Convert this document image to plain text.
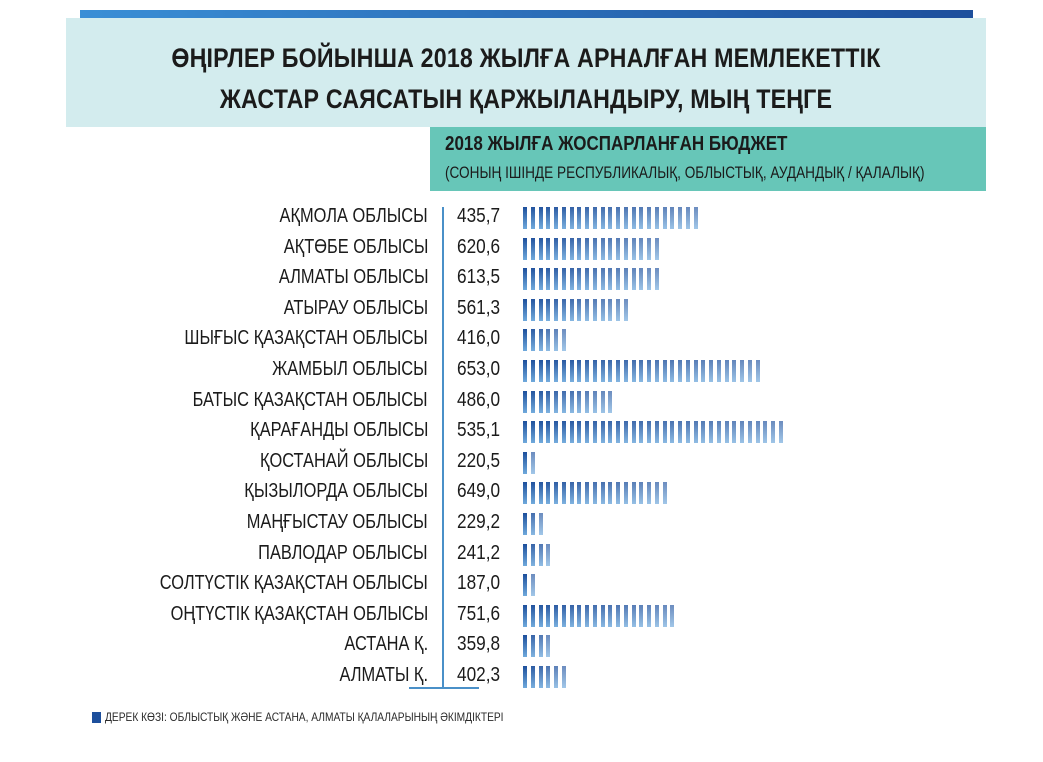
ӨҢІРЛЕР БОЙЫНША 2018 ЖЫЛҒА АРНАЛҒАН МЕМЛЕКЕТТІК
ЖАСТАР САЯСАТЫН ҚАРЖЫЛАНДЫРУ, МЫҢ ТЕҢГЕ
2018 ЖЫЛҒА ЖОСПАРЛАНҒАН БЮДЖЕТ
(СОНЫҢ ІШІНДЕ РЕСПУБЛИКАЛЫҚ, ОБЛЫСТЫҚ, АУДАНДЫҚ / ҚАЛАЛЫҚ)
АҚМОЛА ОБЛЫСЫ 435,7
АҚТӨБЕ ОБЛЫСЫ 620,6
АЛМАТЫ ОБЛЫСЫ 613,5
АТЫРАУ ОБЛЫСЫ 561,3
ШЫҒЫС ҚАЗАҚСТАН ОБЛЫСЫ 416,0
ЖАМБЫЛ ОБЛЫСЫ 653,0
БАТЫС ҚАЗАҚСТАН ОБЛЫСЫ 486,0
ҚАРАҒАНДЫ ОБЛЫСЫ 535,1
ҚОСТАНАЙ ОБЛЫСЫ 220,5
ҚЫЗЫЛОРДА ОБЛЫСЫ 649,0
МАҢҒЫСТАУ ОБЛЫСЫ 229,2
ПАВЛОДАР ОБЛЫСЫ 241,2
СОЛТҮСТІК ҚАЗАҚСТАН ОБЛЫСЫ 187,0
ОҢТҮСТІК ҚАЗАҚСТАН ОБЛЫСЫ 751,6
АСТАНА Қ. 359,8
АЛМАТЫ Қ. 402,3
ДЕРЕК КӨЗІ: ОБЛЫСТЫҚ ЖӘНЕ АСТАНА, АЛМАТЫ ҚАЛАЛАРЫНЫҢ ӘКІМДІКТЕРІ
